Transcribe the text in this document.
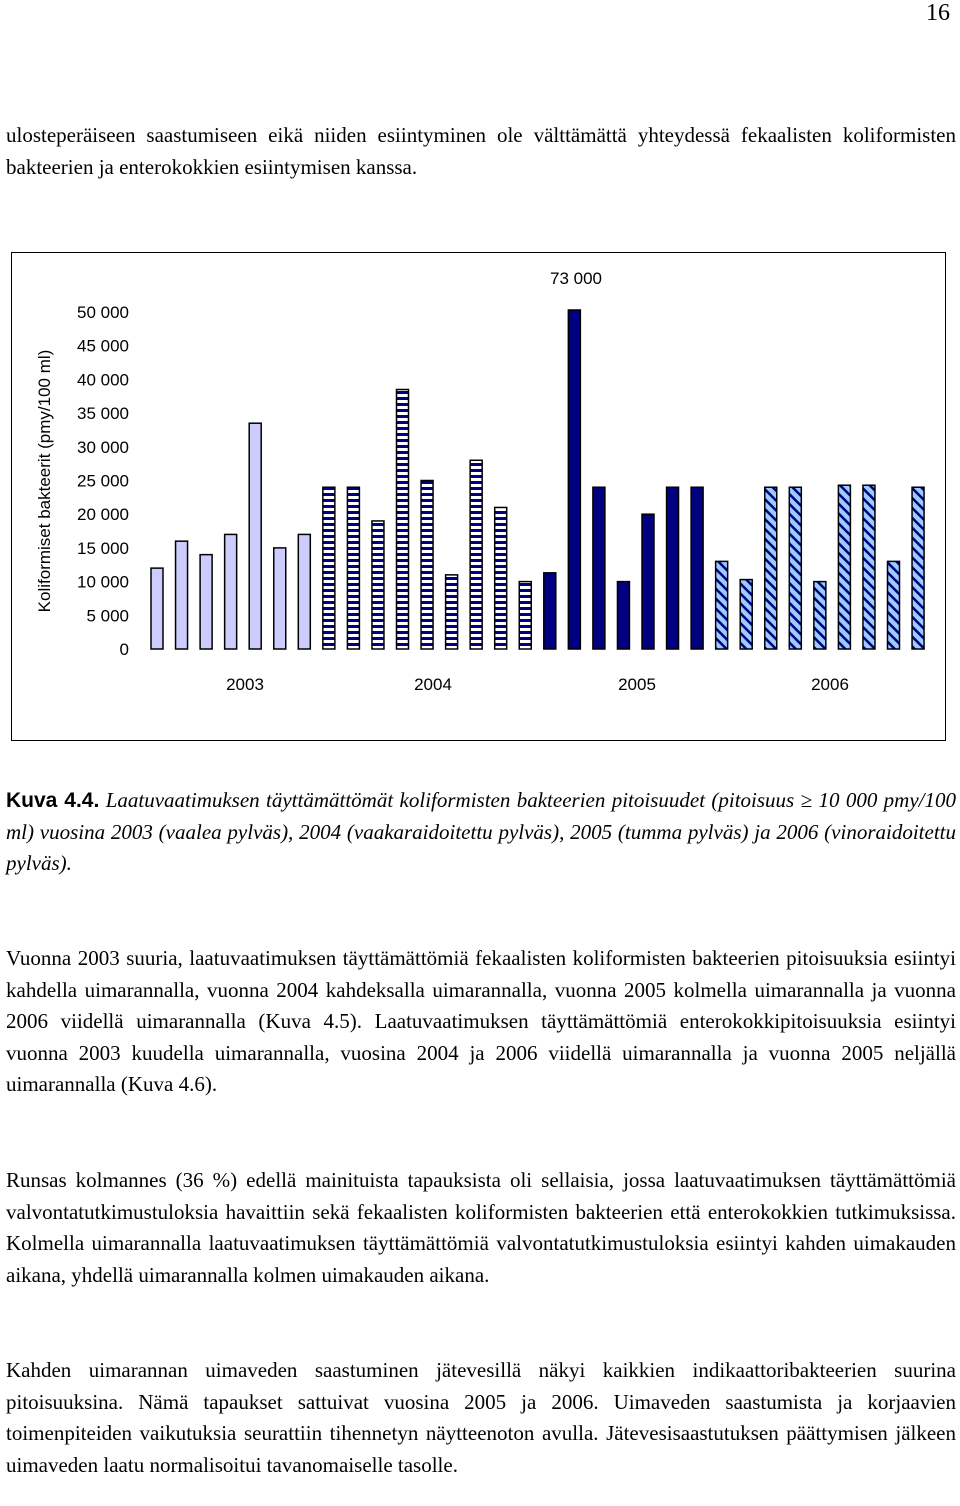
16

ulosteperäiseen saastumiseen eikä niiden esiintyminen ole välttämättä yhteydessä fekaalisten koliformisten bakteerien ja enterokokkien esiintymisen kanssa.

Koliformiset bakteerit (pmy/100 ml)
0
5 000
10 000
15 000
20 000
25 000
30 000
35 000
40 000
45 000
50 000
2003	2004	2005	2006
73 000

Kuva 4.4. Laatuvaatimuksen täyttämättömät koliformisten bakteerien pitoisuudet (pitoisuus ≥ 10 000 pmy/100 ml) vuosina 2003 (vaalea pylväs), 2004 (vaakaraidoitettu pylväs), 2005 (tumma pylväs) ja 2006 (vinoraidoitettu pylväs).

Vuonna 2003 suuria, laatuvaatimuksen täyttämättömiä fekaalisten koliformisten bakteerien pitoisuuksia esiintyi kahdella uimarannalla, vuonna 2004 kahdeksalla uimarannalla, vuonna 2005 kolmella uimarannalla ja vuonna 2006 viidellä uimarannalla (Kuva 4.5). Laatuvaatimuksen täyttämättömiä enterokokkipitoisuuksia esiintyi vuonna 2003 kuudella uimarannalla, vuosina 2004 ja 2006 viidellä uimarannalla ja vuonna 2005 neljällä uimarannalla (Kuva 4.6).

Runsas kolmannes (36 %) edellä mainituista tapauksista oli sellaisia, jossa laatuvaatimuksen täyttämättömiä valvontatutkimustuloksia havaittiin sekä fekaalisten koliformisten bakteerien että enterokokkien tutkimuksissa. Kolmella uimarannalla laatuvaatimuksen täyttämättömiä valvontatutkimustuloksia esiintyi kahden uimakauden aikana, yhdellä uimarannalla kolmen uimakauden aikana.

Kahden uimarannan uimaveden saastuminen jätevesillä näkyi kaikkien indikaattoribakteerien suurina pitoisuuksina. Nämä tapaukset sattuivat vuosina 2005 ja 2006. Uimaveden saastumista ja korjaavien toimenpiteiden vaikutuksia seurattiin tihennetyn näytteenoton avulla. Jätevesisaastutuksen päättymisen jälkeen uimaveden laatu normalisoitui tavanomaiselle tasolle.
